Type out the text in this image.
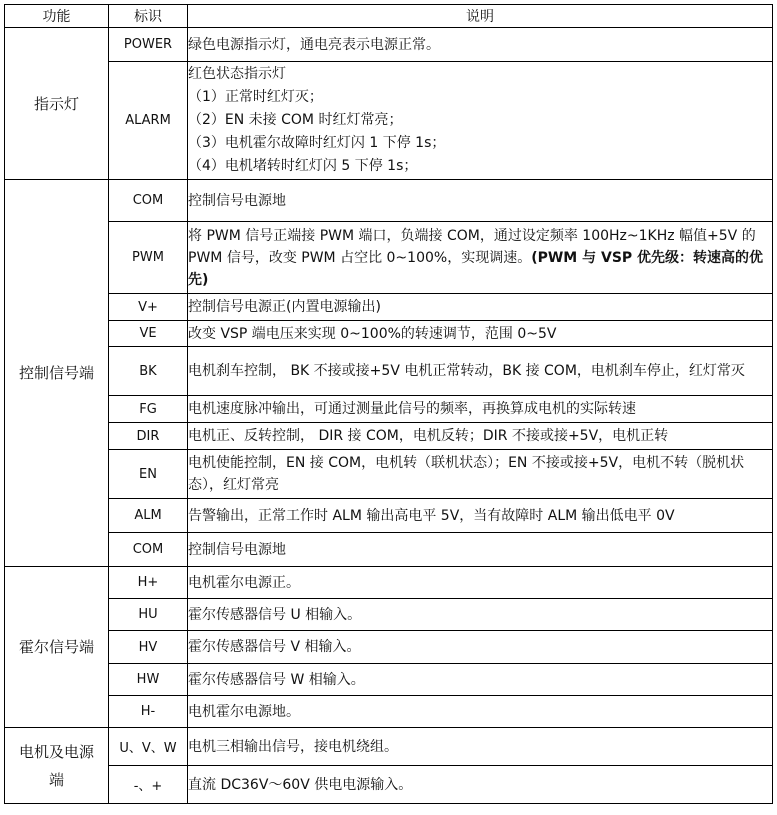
功能	标识	说明
指示灯	POWER	绿色电源指示灯，通电亮表示电源正常。
	ALARM	红色状态指示灯
（1）正常时红灯灭；
（2）EN 未接 COM 时红灯常亮；
（3）电机霍尔故障时红灯闪 1 下停 1s；
（4）电机堵转时红灯闪 5 下停 1s；

控制信号端	COM	控制信号电源地
	PWM	将 PWM 信号正端接 PWM 端口，负端接 COM，通过设定频率 100Hz~1KHz 幅值+5V 的 PWM 信号，改变 PWM 占空比 0~100%，实现调速。(PWM 与 VSP 优先级：转速高的优先)
	V+	控制信号电源正(内置电源输出)
	VE	改变 VSP 端电压来实现 0~100%的转速调节，范围 0~5V
	BK	电机刹车控制， BK 不接或接+5V 电机正常转动，BK 接 COM，电机刹车停止，红灯常灭
	FG	电机速度脉冲输出，可通过测量此信号的频率，再换算成电机的实际转速
	DIR	电机正、反转控制， DIR 接 COM，电机反转；DIR 不接或接+5V，电机正转
	EN	电机使能控制，EN 接 COM，电机转（联机状态）；EN 不接或接+5V，电机不转（脱机状态），红灯常亮
	ALM	告警输出，正常工作时 ALM 输出高电平 5V，当有故障时 ALM 输出低电平 0V
	COM	控制信号电源地
霍尔信号端	H+	电机霍尔电源正。
	HU	霍尔传感器信号 U 相输入。
	HV	霍尔传感器信号 V 相输入。
	HW	霍尔传感器信号 W 相输入。
	H-	电机霍尔电源地。
电机及电源端	U、V、W	电机三相输出信号，接电机绕组。
	-、+	直流 DC36V～60V 供电电源输入。
